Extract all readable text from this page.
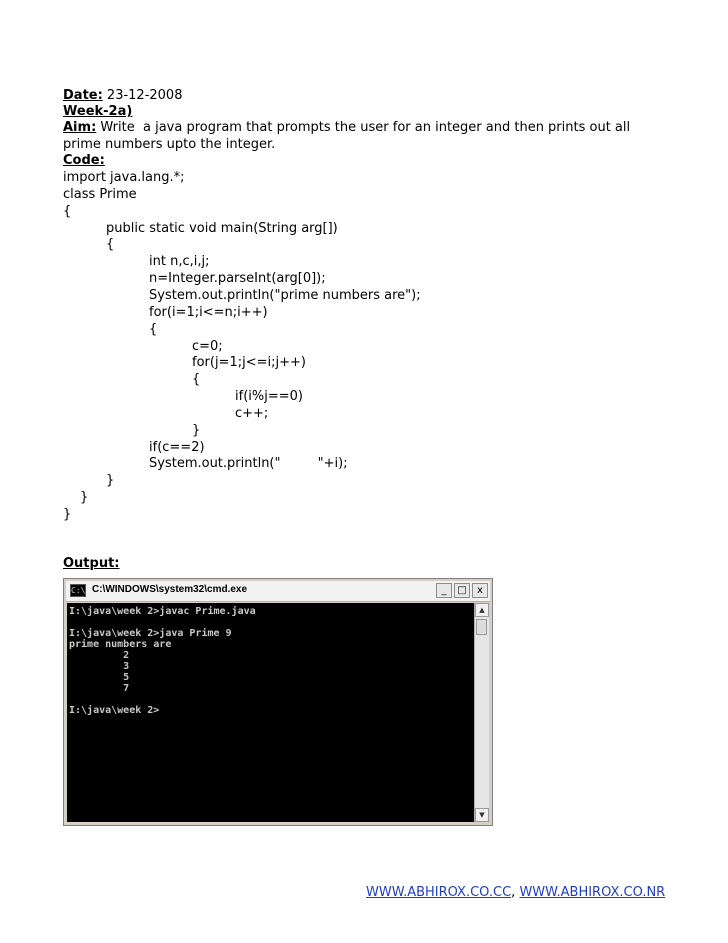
Date: 23-12-2008
Week-2a)
Aim: Write  a java program that prompts the user for an integer and then prints out all
prime numbers upto the integer.
Code:
import java.lang.*;
class Prime
{
public static void main(String arg[])
{
int n,c,i,j;
n=Integer.parseInt(arg[0]);
System.out.println("prime numbers are");
for(i=1;i<=n;i++)
{
c=0;
for(j=1;j<=i;j++)
{
if(i%j==0)
c++;
}
if(c==2)
System.out.println("         "+i);
}
}
}
Output:
C:\ C:\WINDOWS\system32\cmd.exe	_	□	x
I:\java\week 2>javac Prime.java

I:\java\week 2>java Prime 9
prime numbers are
2
3
5
7

I:\java\week 2>
▲
▼
WWW.ABHIROX.CO.CC, WWW.ABHIROX.CO.NR
